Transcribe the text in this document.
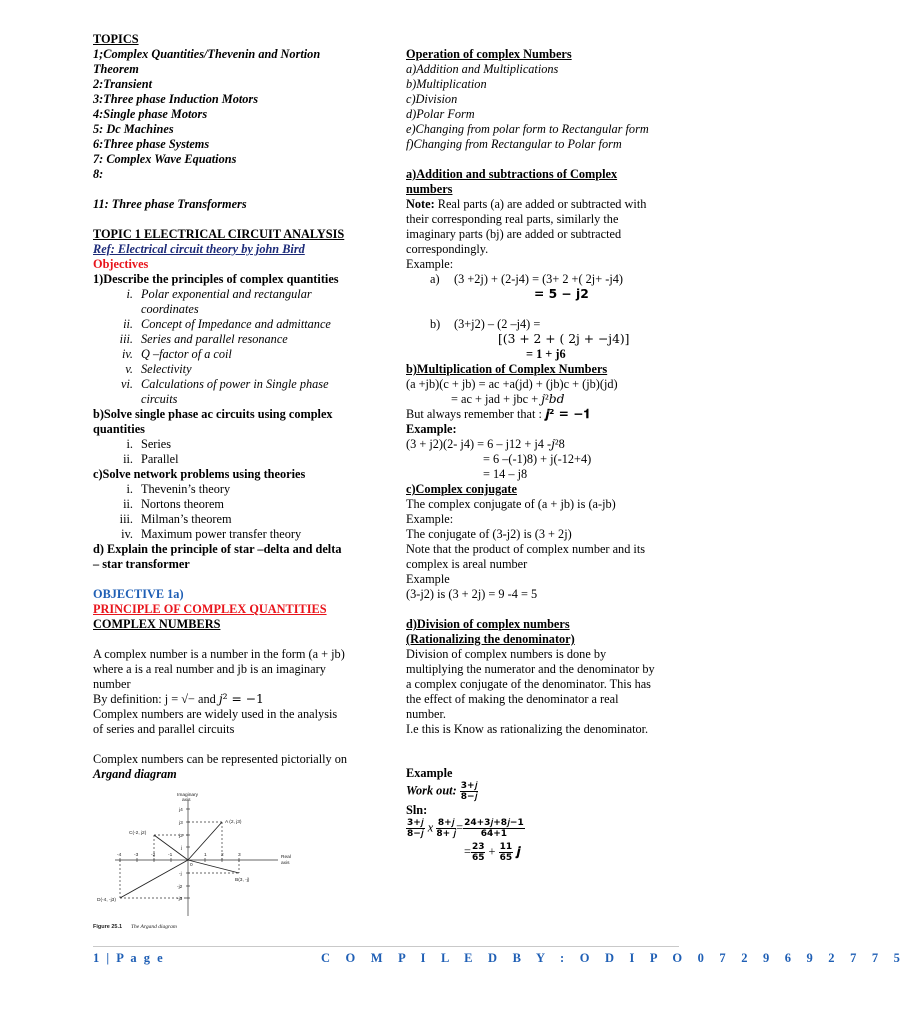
TOPICS
1;Complex Quantities/Thevenin and Nortion
Theorem
2:Transient
3:Three phase Induction Motors
4:Single phase Motors
5: Dc Machines
6:Three phase Systems
7: Complex Wave Equations
8:
11: Three phase Transformers
TOPIC 1 ELECTRICAL CIRCUIT ANALYSIS
Ref: Electrical circuit theory by john Bird
Objectives
1)Describe the principles of complex quantities
i. Polar exponential and rectangular
coordinates
ii. Concept of Impedance and admittance
iii. Series and parallel resonance
iv. Q –factor of a coil
v. Selectivity
vi. Calculations of power in Single phase
circuits
b)Solve single phase ac circuits using complex
quantities
i. Series
ii. Parallel
c)Solve network problems using theories
i. Thevenin’s theory
ii. Nortons theorem
iii. Milman’s theorem
iv. Maximum power transfer theory
d) Explain the principle of star –delta and delta
– star transformer
OBJECTIVE 1a)
PRINCIPLE OF COMPLEX QUANTITIES
COMPLEX NUMBERS
A complex number is a number in the form (a + jb)
where a is a real number and jb is an imaginary
number
By definition: j = √− and 𝑗² = −1
Complex numbers are widely used in the analysis
of series and parallel circuits
Complex numbers can be represented pictorially on
Argand diagram
Imaginary
axis
Real
axis
A (2, j3)
C(-2, j2)
B(3, -j)
D(-4, -j3)
-4	-3	-2	-1
0
1	2	3
j4
j3
j2
j
-j
-j2
-j3
Figure 25.1 The Argand diagram
Operation of complex Numbers
a)Addition and Multiplications
b)Multiplication
c)Division
d)Polar Form
e)Changing from polar form to Rectangular form
f)Changing from Rectangular to Polar form
a)Addition and subtractions of Complex
numbers
Note: Real parts (a) are added or subtracted with
their corresponding real parts, similarly the
imaginary parts (bj) are added or subtracted
correspondingly.
Example:
a) (3 +2j) + (2-j4) = (3+ 2 +( 2j+ -j4)
= 5 − j2
b) (3+j2) – (2 –j4) =
[(3 + 2 + ( 2j + −j4)]
= 1 + j6
b)Multiplication of Complex Numbers
(a +jb)(c + jb) = ac +a(jd) + (jb)c + (jb)(jd)
= ac + jad + jbc + 𝑗²𝑏𝑑
But always remember that : 𝒋² = −𝟏
Example:
(3 + j2)(2- j4) = 6 – j12 + j4 -𝑗²8
= 6 –(-1)8) + j(-12+4)
= 14 – j8
c)Complex conjugate
The complex conjugate of (a + jb) is (a-jb)
Example:
The conjugate of (3-j2) is (3 + 2j)
Note that the product of complex number and its
complex is areal number
Example
(3-j2) is (3 + 2j) = 9 -4 = 5
d)Division of complex numbers
(Rationalizing the denominator)
Division of complex numbers is done by
multiplying the numerator and the denominator by
a complex conjugate of the denominator. This has
the effect of making the denominator a real
number.
I.e this is Know as rationalizing the denominator.
Example
Work out: $\frac{\text{3+𝑗}}{\text{8−𝑗}}$
Sln:
$\frac{\text{3+𝑗}}{\text{8−𝑗}}$ x $\frac{\text{8+𝑗}}{\text{8+ 𝑗}} = \frac{\text{24+3𝑗+8𝑗−1}}{64+1}$
= $\frac{23}{65} + \frac{11}{65}$ 𝒋
1 | P a g e	C O M P I L E D B Y : O D I P O 0 7 2 9 6 9 2 7 7 5
